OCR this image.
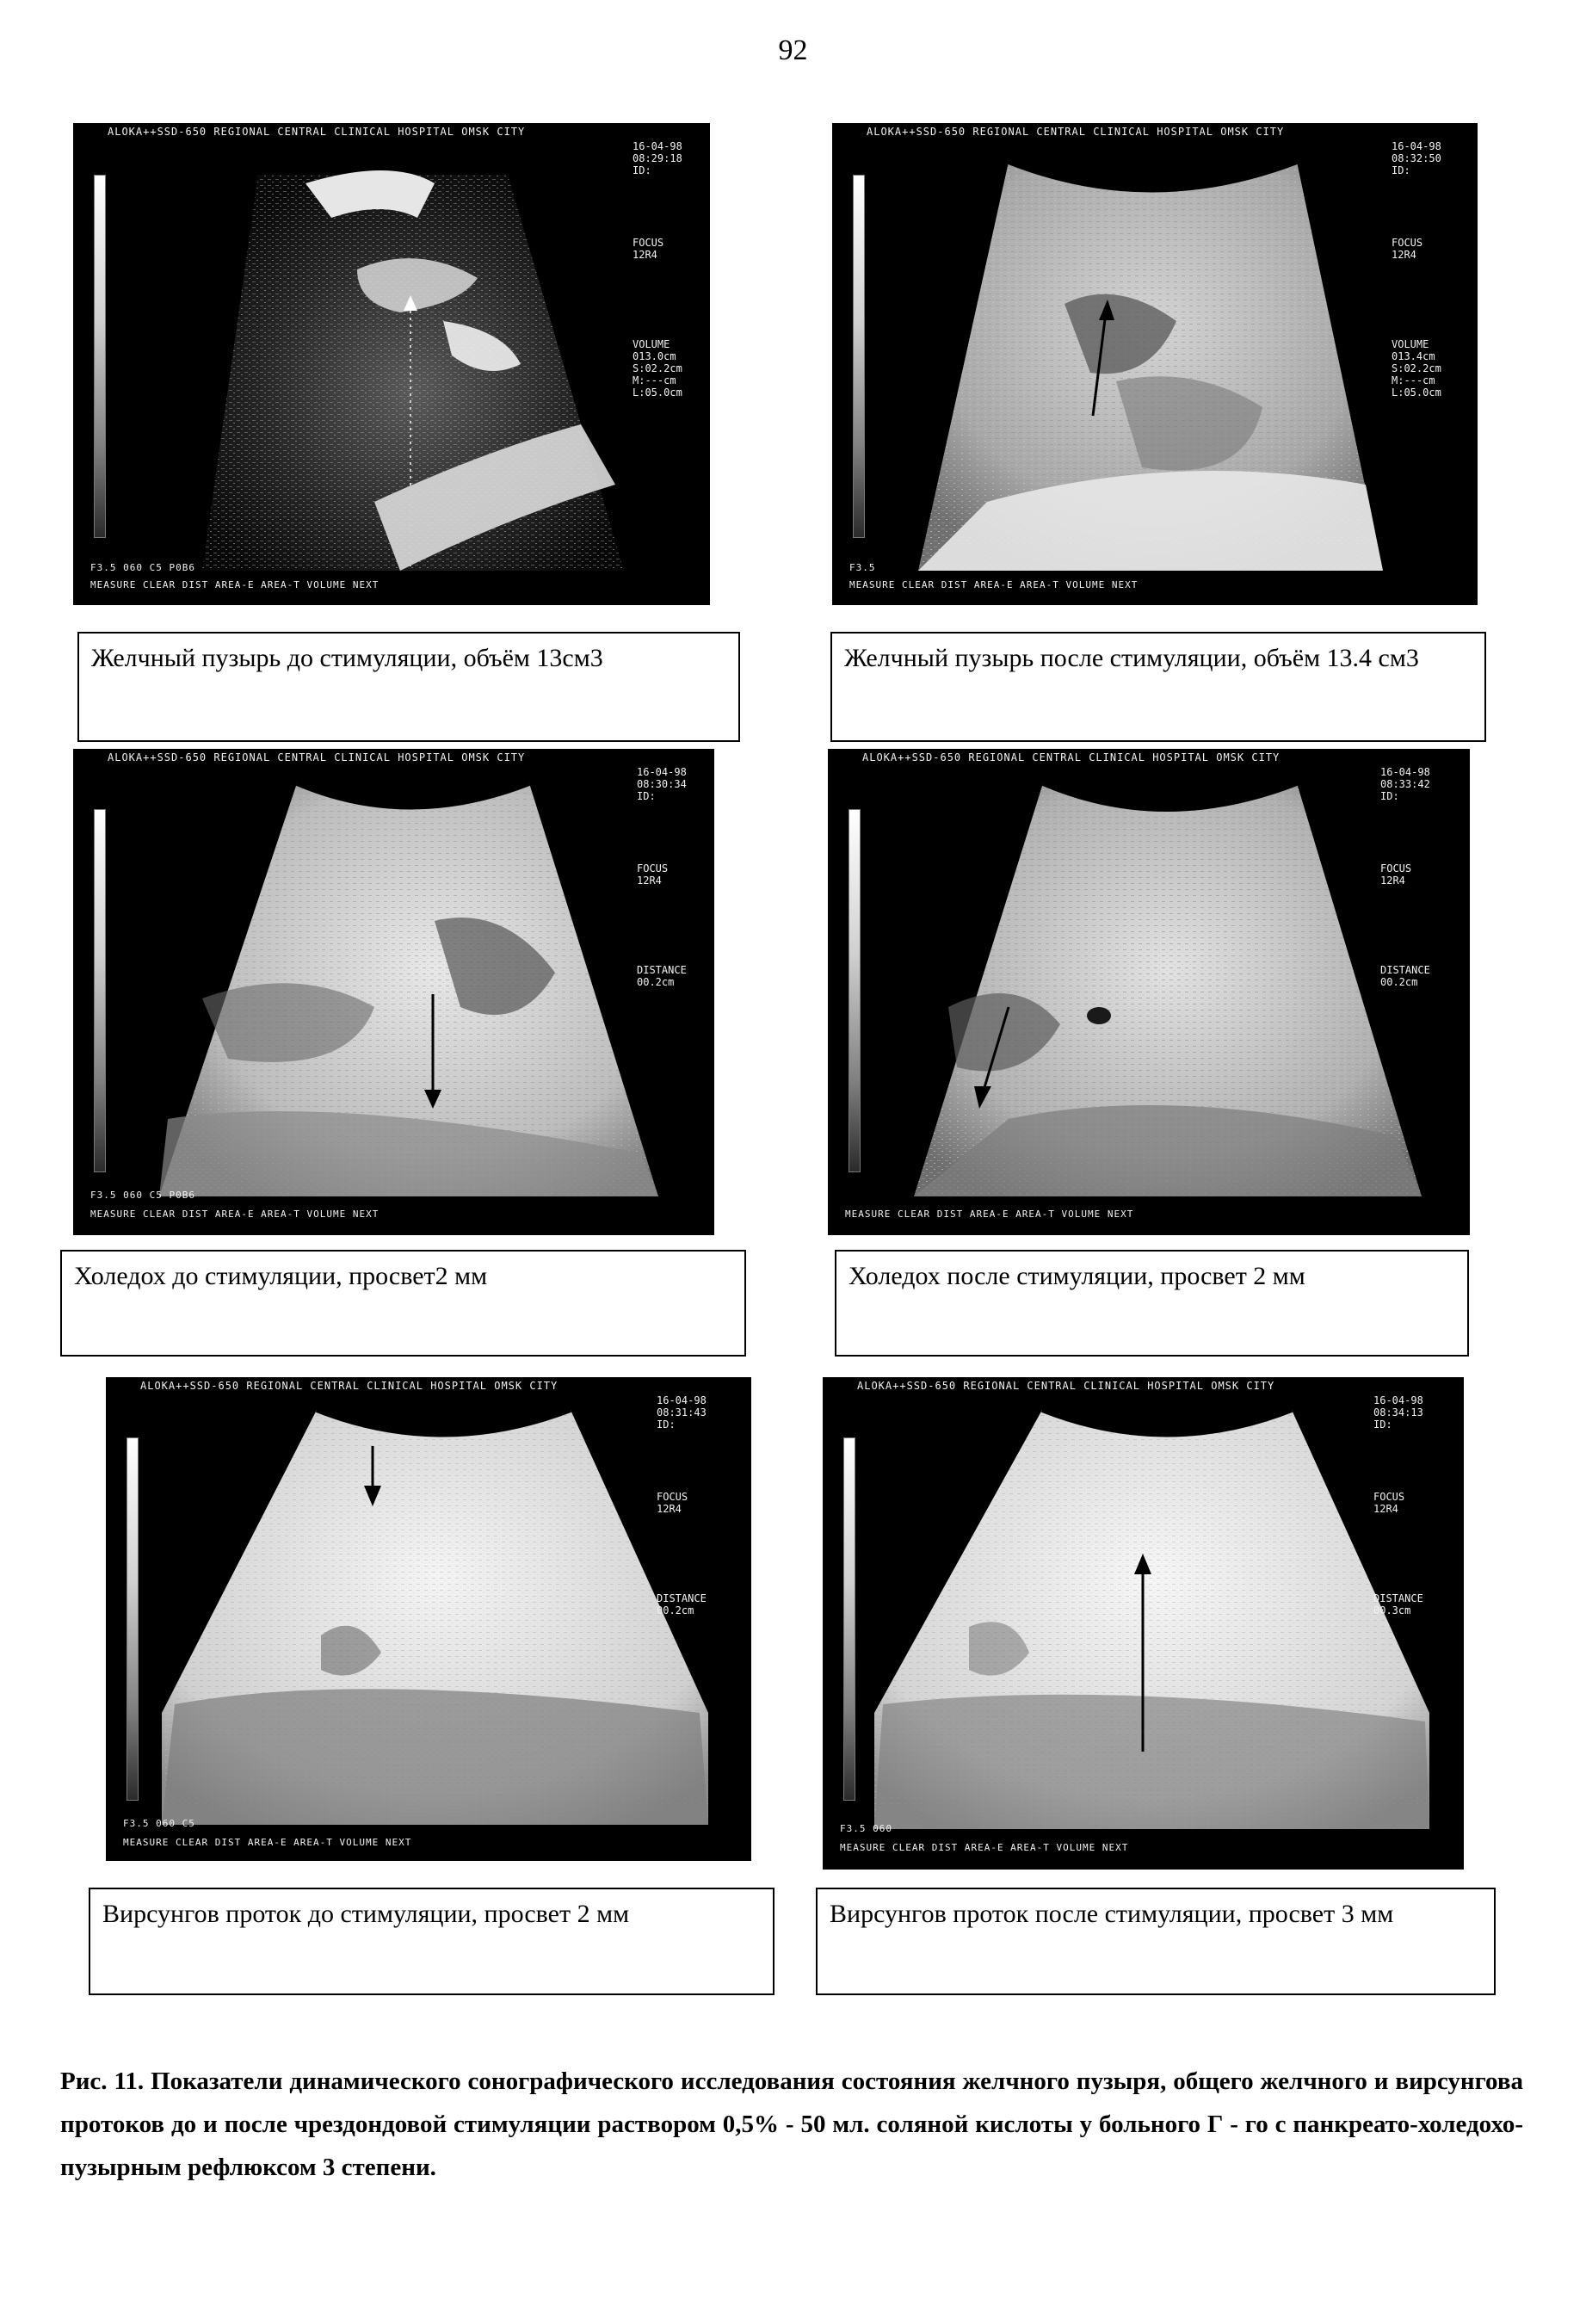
92
ALOKA++SSD-650 REGIONAL CENTRAL CLINICAL HOSPITAL OMSK CITY
16-04-98
08:29:18
ID:
FOCUS
12R4
VOLUME
013.0cm
S:02.2cm
M:---cm
L:05.0cm
F3.5 060 C5 P0B6
MEASURE CLEAR DIST AREA-E AREA-T VOLUME NEXT
ALOKA++SSD-650 REGIONAL CENTRAL CLINICAL HOSPITAL OMSK CITY
16-04-98
08:32:50
ID:
FOCUS
12R4
VOLUME
013.4cm
S:02.2cm
M:---cm
L:05.0cm
F3.5
MEASURE CLEAR DIST AREA-E AREA-T VOLUME NEXT
Желчный пузырь до стимуляции, объём 13см3	Желчный пузырь после стимуляции, объём 13.4 см3
ALOKA++SSD-650 REGIONAL CENTRAL CLINICAL HOSPITAL OMSK CITY
16-04-98
08:30:34
ID:
FOCUS
12R4
DISTANCE
00.2cm
F3.5 060 C5 P0B6
MEASURE CLEAR DIST AREA-E AREA-T VOLUME NEXT
ALOKA++SSD-650 REGIONAL CENTRAL CLINICAL HOSPITAL OMSK CITY
16-04-98
08:33:42
ID:
FOCUS
12R4
DISTANCE
00.2cm
MEASURE CLEAR DIST AREA-E AREA-T VOLUME NEXT
Холедох до стимуляции, просвет2 мм	Холедох после стимуляции, просвет 2 мм
ALOKA++SSD-650 REGIONAL CENTRAL CLINICAL HOSPITAL OMSK CITY
16-04-98
08:31:43
ID:
FOCUS
12R4
DISTANCE
00.2cm
F3.5 060 C5
MEASURE CLEAR DIST AREA-E AREA-T VOLUME NEXT
ALOKA++SSD-650 REGIONAL CENTRAL CLINICAL HOSPITAL OMSK CITY
16-04-98
08:34:13
ID:
FOCUS
12R4
DISTANCE
00.3cm
F3.5 060
MEASURE CLEAR DIST AREA-E AREA-T VOLUME NEXT
Вирсунгов проток до стимуляции, просвет 2 мм	Вирсунгов проток после стимуляции, просвет 3 мм
Рис. 11. Показатели динамического сонографического исследования состояния желчного пузыря, общего желчного и вирсунгова протоков до и после чрездондовой стимуляции раствором 0,5% - 50 мл. соляной кислоты у больного Г - го с панкреато-холедохо-пузырным рефлюксом 3 степени.
